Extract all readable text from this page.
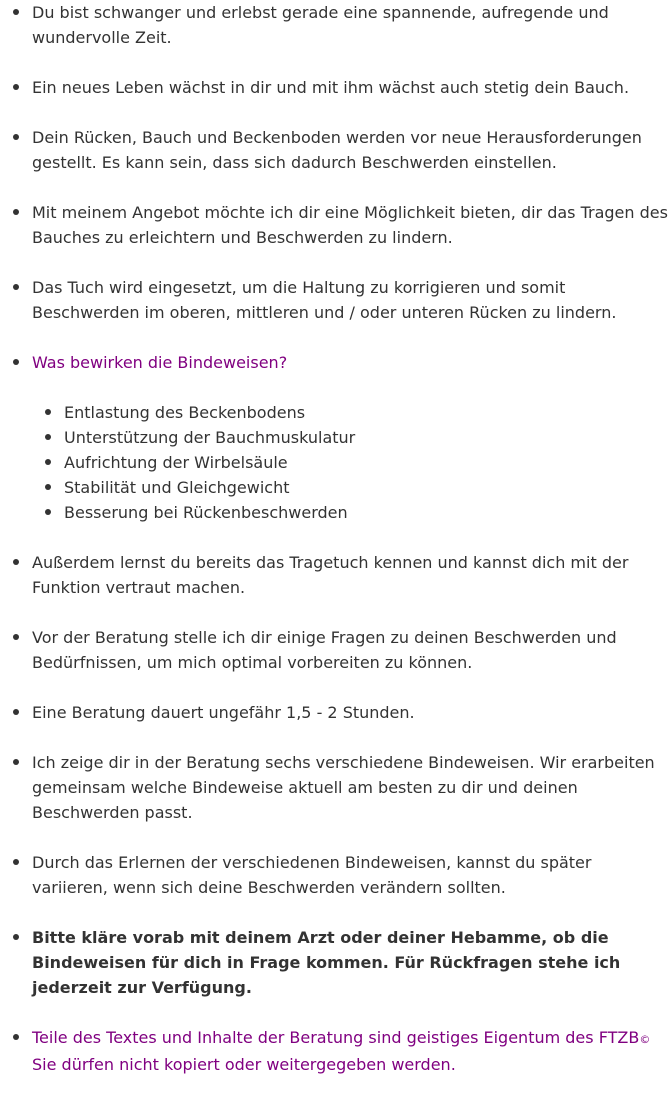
Du bist schwanger und erlebst gerade eine spannende, aufregende und wundervolle Zeit.
Ein neues Leben wächst in dir und mit ihm wächst auch stetig dein Bauch.
Dein Rücken, Bauch und Beckenboden werden vor neue Herausforderungen gestellt. Es kann sein, dass sich dadurch Beschwerden einstellen.
Mit meinem Angebot möchte ich dir eine Möglichkeit bieten, dir das Tragen des Bauches zu erleichtern und Beschwerden zu lindern.
Das Tuch wird eingesetzt, um die Haltung zu korrigieren und somit Beschwerden im oberen, mittleren und / oder unteren Rücken zu lindern.
Was bewirken die Bindeweisen?
Entlastung des Beckenbodens
Unterstützung der Bauchmuskulatur
Aufrichtung der Wirbelsäule
Stabilität und Gleichgewicht
Besserung bei Rückenbeschwerden
Außerdem lernst du bereits das Tragetuch kennen und kannst dich mit der Funktion vertraut machen.
Vor der Beratung stelle ich dir einige Fragen zu deinen Beschwerden und Bedürfnissen, um mich optimal vorbereiten zu können.
Eine Beratung dauert ungefähr 1,5 - 2 Stunden.
Ich zeige dir in der Beratung sechs verschiedene Bindeweisen. Wir erarbeiten gemeinsam welche Bindeweise aktuell am besten zu dir und deinen Beschwerden passt.
Durch das Erlernen der verschiedenen Bindeweisen, kannst du später variieren, wenn sich deine Beschwerden verändern sollten.
Bitte kläre vorab mit deinem Arzt oder deiner Hebamme, ob die Bindeweisen für dich in Frage kommen. Für Rückfragen stehe ich jederzeit zur Verfügung.
Teile des Textes und Inhalte der Beratung sind geistiges Eigentum des FTZB©
Sie dürfen nicht kopiert oder weitergegeben werden.
